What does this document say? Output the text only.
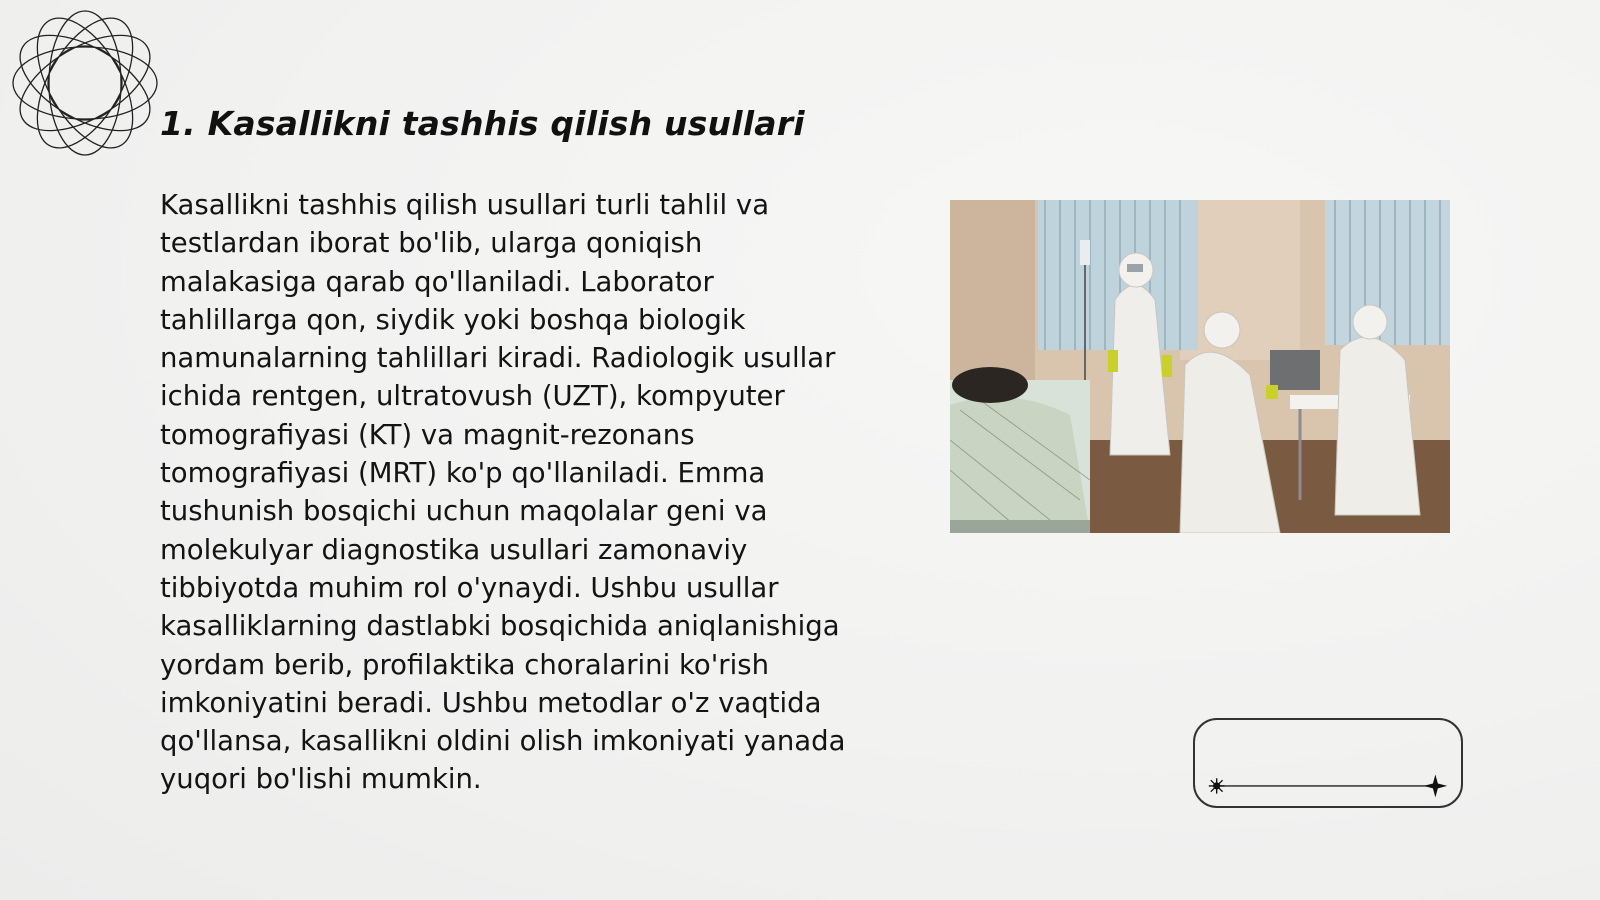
1. Kasallikni tashhis qilish usullari

Kasallikni tashhis qilish usullari turli tahlil va testlardan iborat bo'lib, ularga qoniqish malakasiga qarab qo'llaniladi. Laborator tahlillarga qon, siydik yoki boshqa biologik namunalarning tahlillari kiradi. Radiologik usullar ichida rentgen, ultratovush (UZT), kompyuter tomografiyasi (KT) va magnit-rezonans tomografiyasi (MRT) ko'p qo'llaniladi. Emma tushunish bosqichi uchun maqolalar geni va molekulyar diagnostika usullari zamonaviy tibbiyotda muhim rol o'ynaydi. Ushbu usullar kasalliklarning dastlabki bosqichida aniqlanishiga yordam berib, profilaktika choralarini ko'rish imkoniyatini beradi. Ushbu metodlar o'z vaqtida qo'llansa, kasallikni oldini olish imkoniyati yanada yuqori bo'lishi mumkin.
